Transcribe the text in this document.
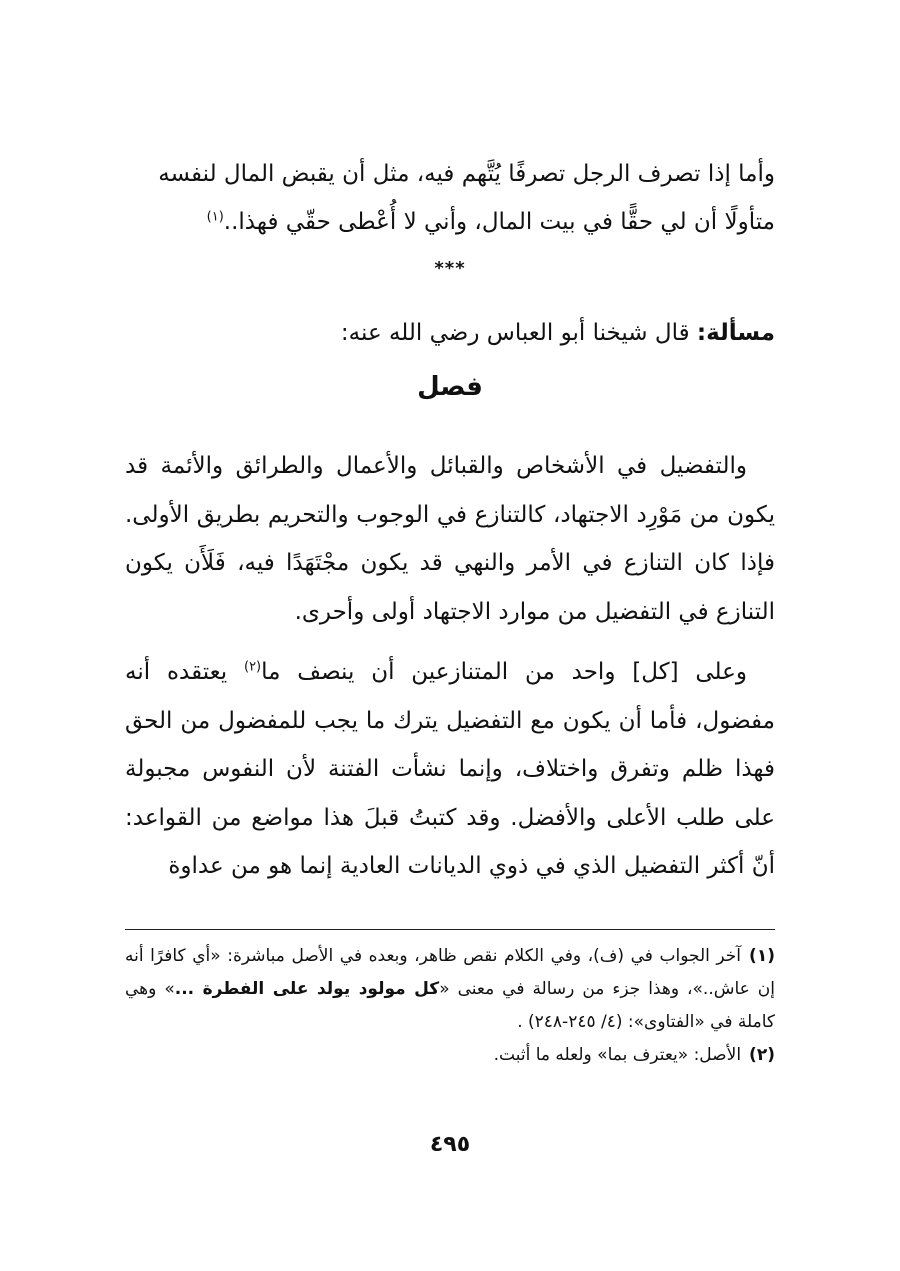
وأما إذا تصرف الرجل تصرفًا يُتَّهم فيه، مثل أن يقبض المال لنفسه

متأولًا أن لي حقًّا في بيت المال، وأني لا أُعْطى حقّي فهذا..$^{(١)}$

***
مسألة: قال شيخنا أبو العباس رضي الله عنه:
فصل

والتفضيل في الأشخاص والقبائل والأعمال والطرائق والأئمة قد يكون من مَوْرِد الاجتهاد، كالتنازع في الوجوب والتحريم بطريق الأولى. فإذا كان التنازع في الأمر والنهي قد يكون مجْتَهَدًا فيه، فَلَأَن يكون التنازع في التفضيل من موارد الاجتهاد أولى وأحرى.

وعلى [كل] واحد من المتنازعين أن ينصف ما$^{(٢)}$ يعتقده أنه مفضول، فأما أن يكون مع التفضيل يترك ما يجب للمفضول من الحق فهذا ظلم وتفرق واختلاف، وإنما نشأت الفتنة لأن النفوس مجبولة على طلب الأعلى والأفضل. وقد كتبتُ قبلَ هذا مواضع من القواعد: أنّ أكثر التفضيل الذي في ذوي الديانات العادية إنما هو من عداوة

(١)آخر الجواب في (ف)، وفي الكلام نقص ظاهر، وبعده في الأصل مباشرة: «أي كافرًا أنه إن عاش..»، وهذا جزء من رسالة في معنى «كل مولود يولد على الفطرة ...» وهي كاملة في «الفتاوى»: (٤/ ٢٤٥-٢٤٨) .

(٢)الأصل: «يعترف بما» ولعله ما أثبت.

٤٩٥
